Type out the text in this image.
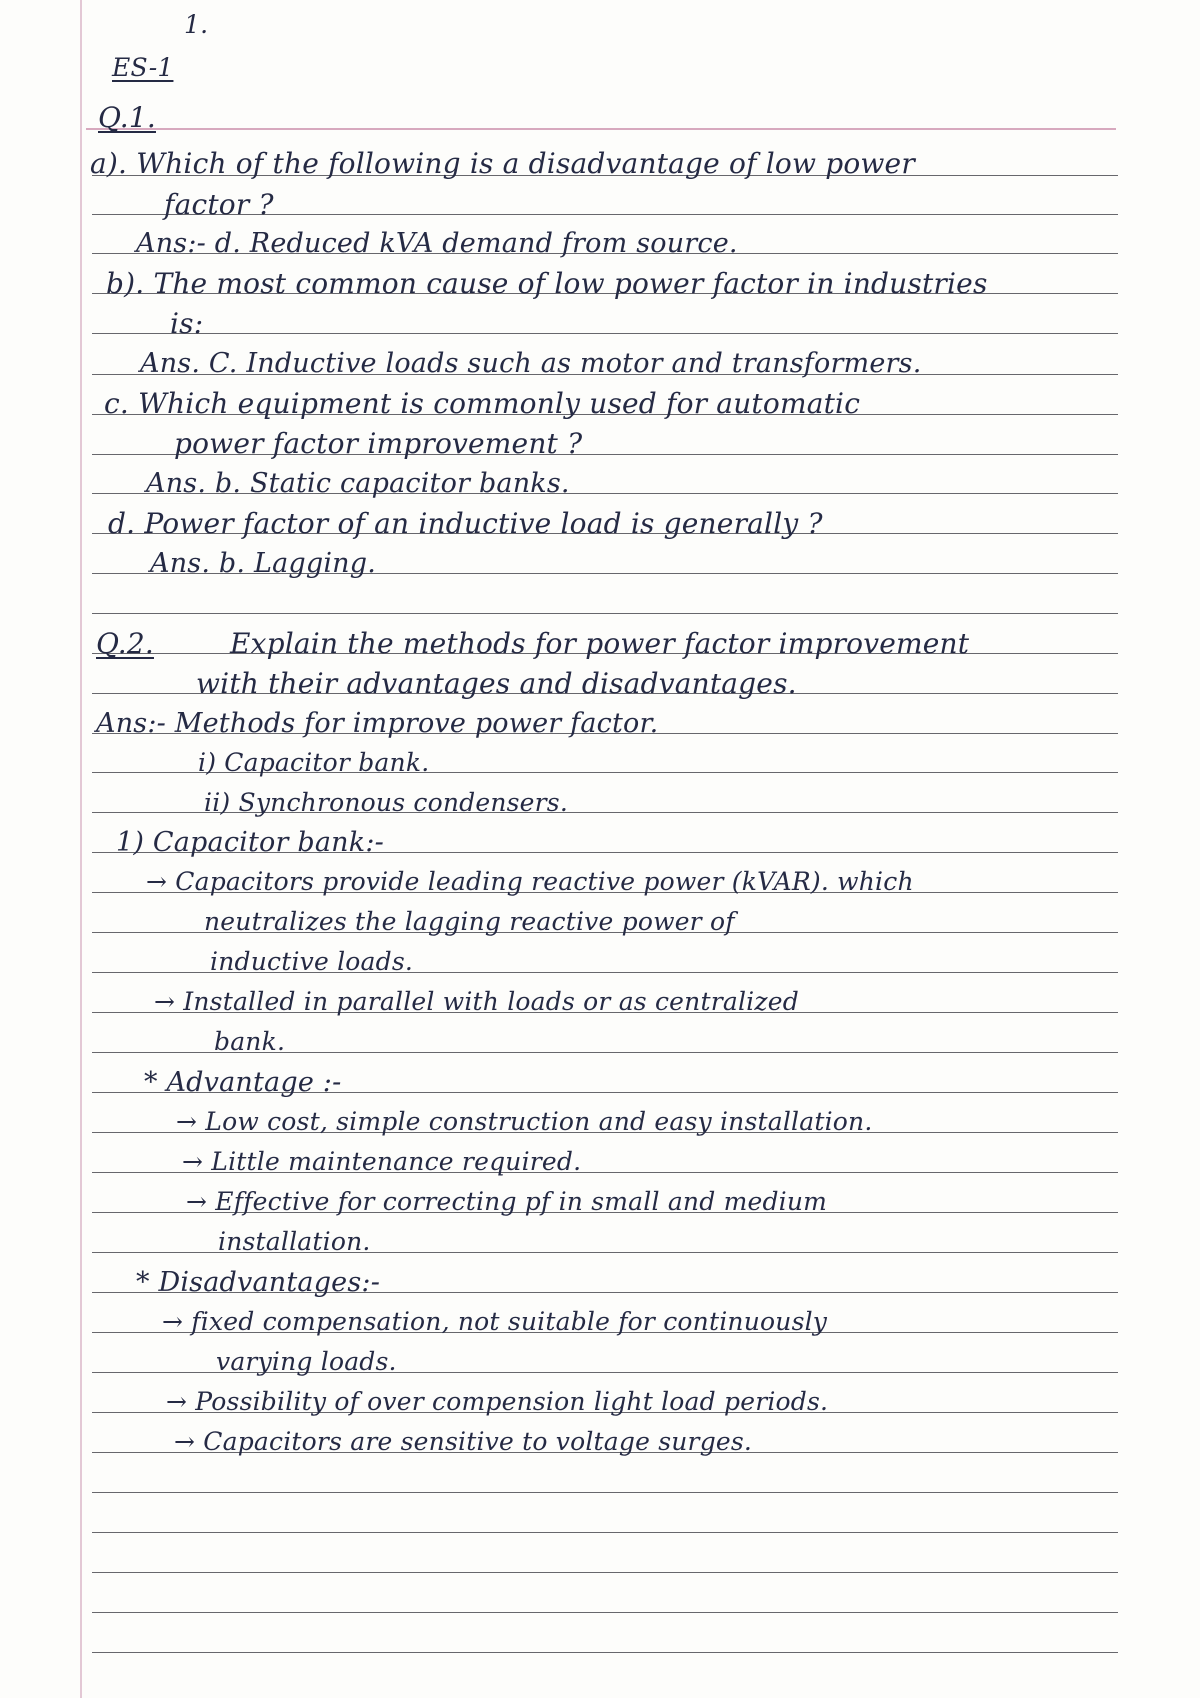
1.
ES-1
Q.1.
a). Which of the following is a disadvantage of low power
factor ?
Ans:- d. Reduced kVA demand from source.
b). The most common cause of low power factor in industries
is:
Ans. C. Inductive loads such as motor and transformers.
c. Which equipment is commonly used for automatic
power factor improvement ?
Ans. b. Static capacitor banks.
d. Power factor of an inductive load is generally ?
Ans. b. Lagging.
Q.2.	Explain the methods for power factor improvement
with their advantages and disadvantages.
Ans:- Methods for improve power factor.
i) Capacitor bank.
ii) Synchronous condensers.
1) Capacitor bank:-
→ Capacitors provide leading reactive power (kVAR). which
neutralizes the lagging reactive power of
inductive loads.
→ Installed in parallel with loads or as centralized
bank.
* Advantage :-
→ Low cost, simple construction and easy installation.
→ Little maintenance required.
→ Effective for correcting pf in small and medium
installation.
* Disadvantages:-
→ fixed compensation, not suitable for continuously
varying loads.
→ Possibility of over compension light load periods.
→ Capacitors are sensitive to voltage surges.
